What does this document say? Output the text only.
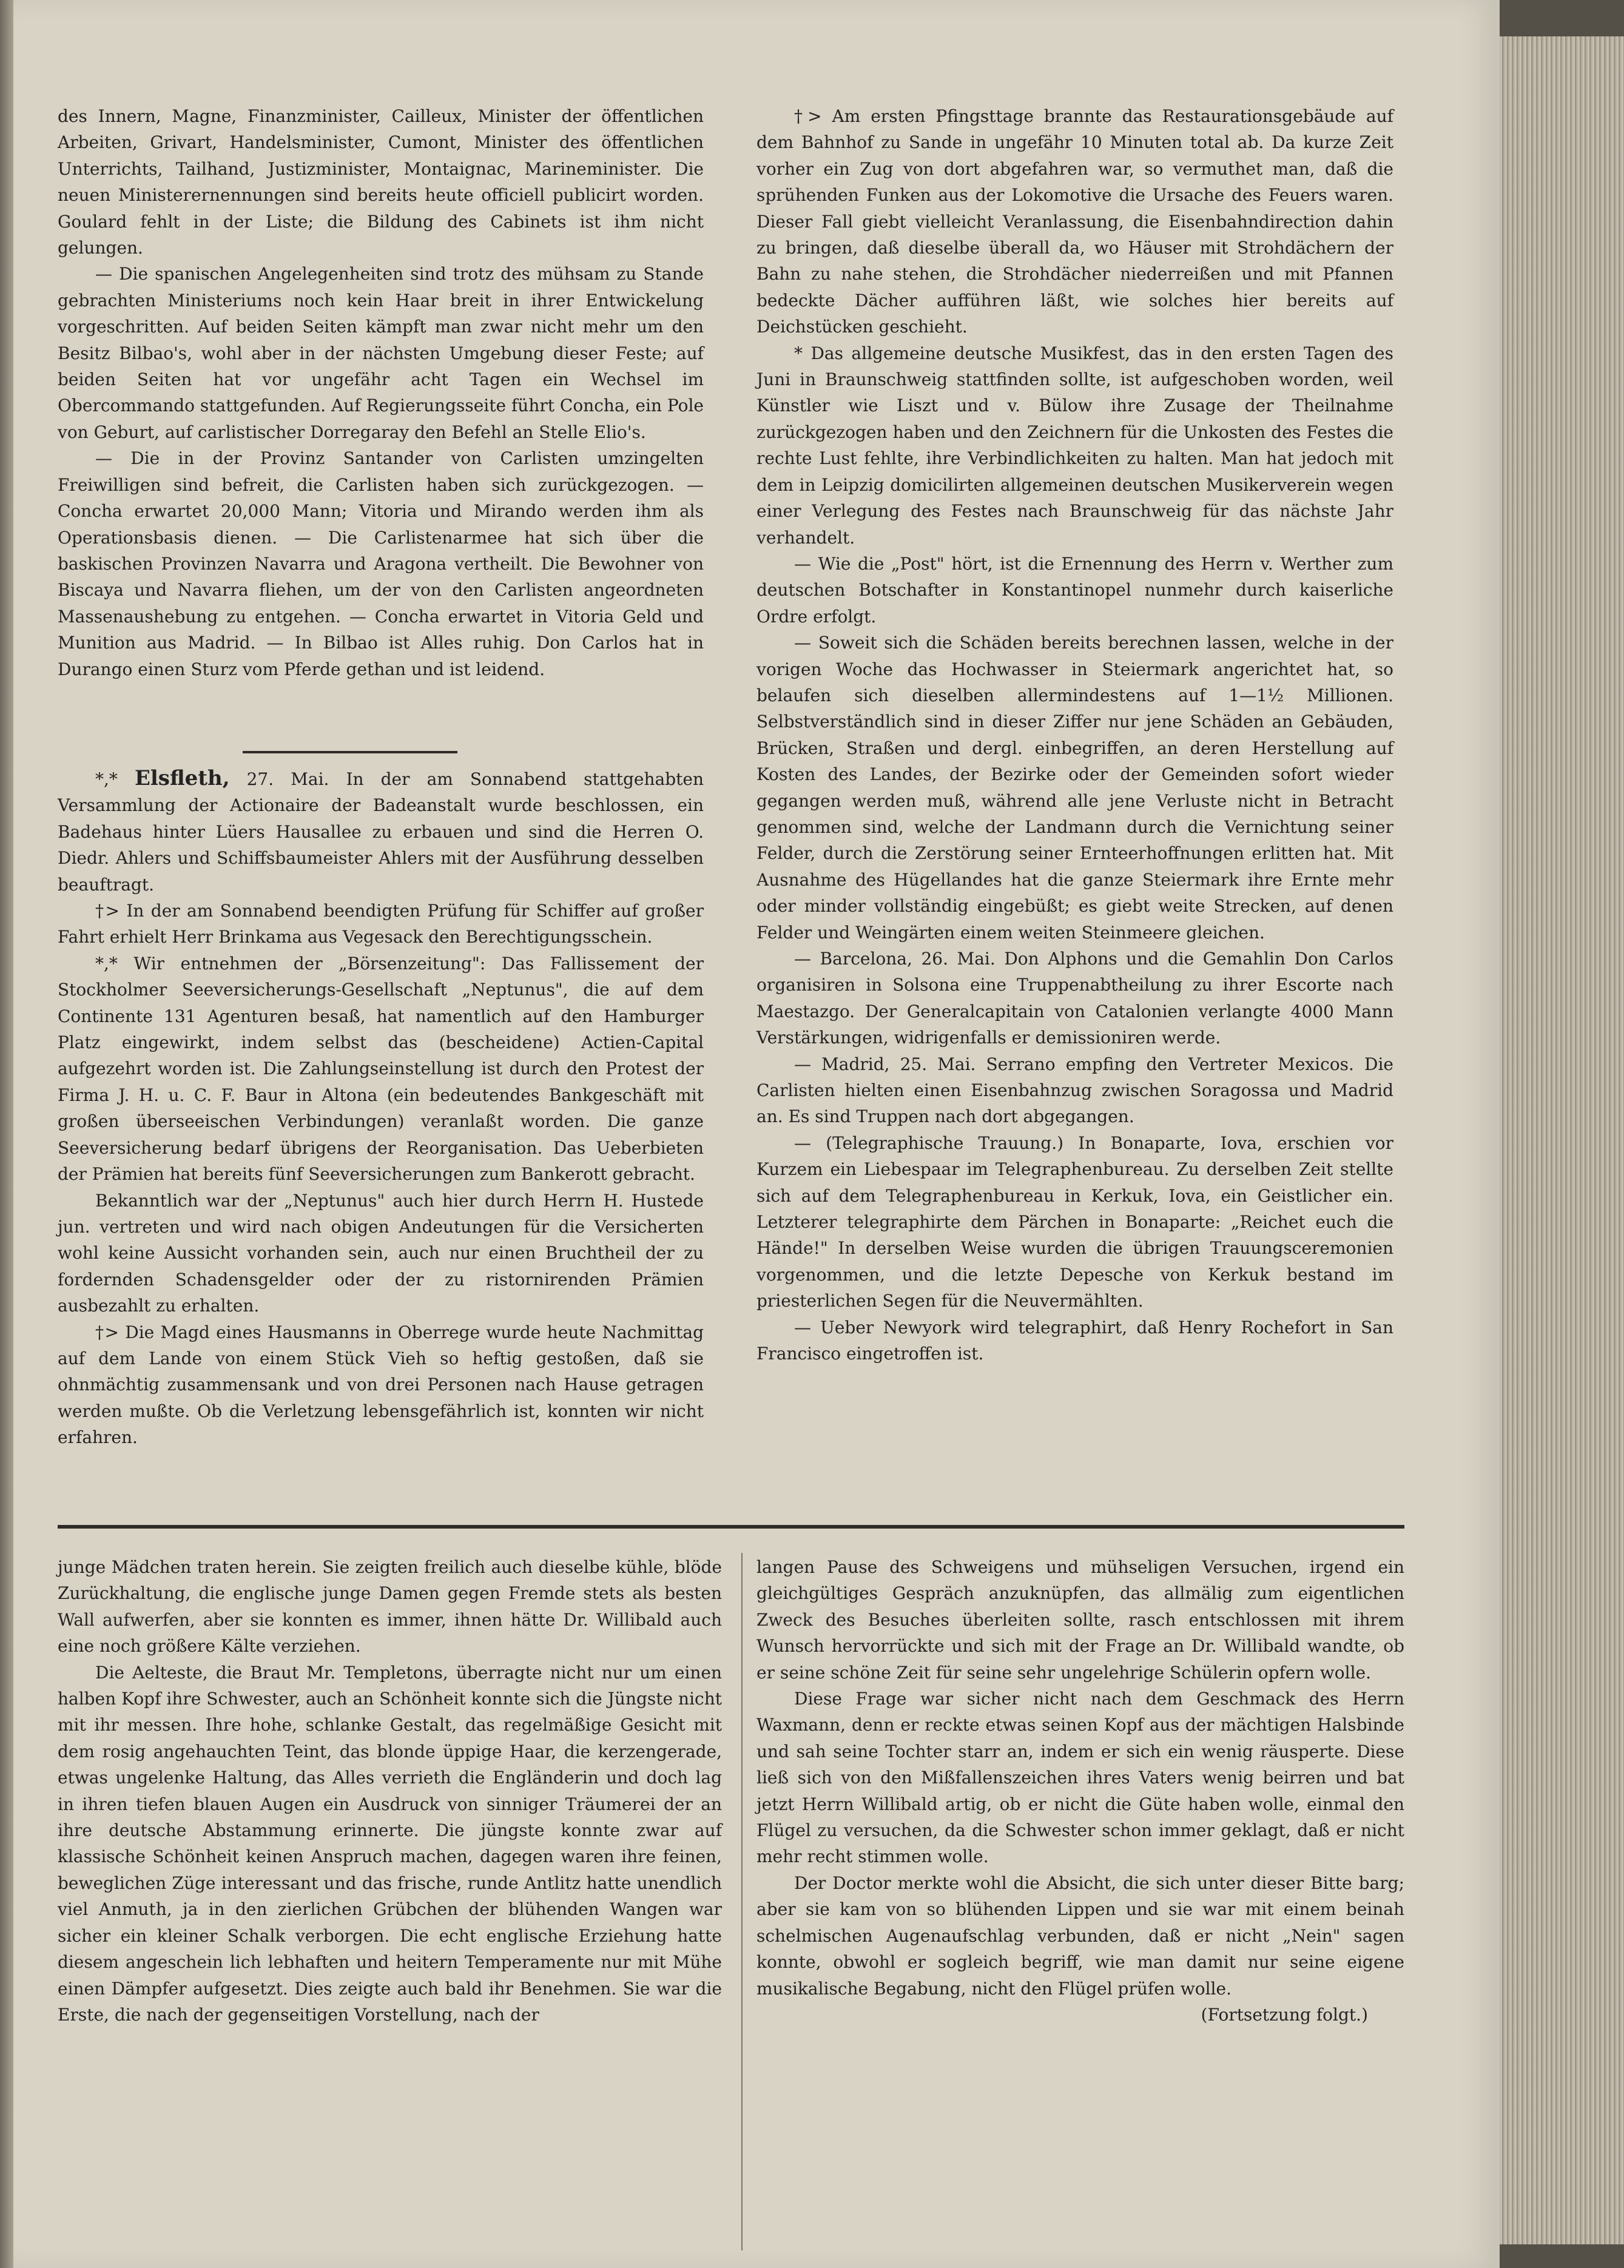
des Innern, Magne, Finanzminister, Cailleux, Minister der öffentlichen Arbeiten, Grivart, Handelsminister, Cumont, Minister des öffentlichen Unterrichts, Tailhand, Justizminister, Montaignac, Marineminister. Die neuen Ministerernennungen sind bereits heute officiell publicirt worden. Goulard fehlt in der Liste; die Bildung des Cabinets ist ihm nicht gelungen.

— Die spanischen Angelegenheiten sind trotz des mühsam zu Stande gebrachten Ministeriums noch kein Haar breit in ihrer Entwickelung vorgeschritten. Auf beiden Seiten kämpft man zwar nicht mehr um den Besitz Bilbao's, wohl aber in der nächsten Umgebung dieser Feste; auf beiden Seiten hat vor ungefähr acht Tagen ein Wechsel im Obercommando stattgefunden. Auf Regierungsseite führt Concha, ein Pole von Geburt, auf carlistischer Dorregaray den Befehl an Stelle Elio's.

— Die in der Provinz Santander von Carlisten umzingelten Freiwilligen sind befreit, die Carlisten haben sich zurückgezogen. — Concha erwartet 20,000 Mann; Vitoria und Mirando werden ihm als Operationsbasis dienen. — Die Carlistenarmee hat sich über die baskischen Provinzen Navarra und Aragona vertheilt. Die Bewohner von Biscaya und Navarra fliehen, um der von den Carlisten angeordneten Massenaushebung zu entgehen. — Concha erwartet in Vitoria Geld und Munition aus Madrid. — In Bilbao ist Alles ruhig. Don Carlos hat in Durango einen Sturz vom Pferde gethan und ist leidend.

*,* Elsfleth, 27. Mai. In der am Sonnabend stattgehabten Versammlung der Actionaire der Badeanstalt wurde beschlossen, ein Badehaus hinter Lüers Hausallee zu erbauen und sind die Herren O. Diedr. Ahlers und Schiffsbaumeister Ahlers mit der Ausführung desselben beauftragt.

†> In der am Sonnabend beendigten Prüfung für Schiffer auf großer Fahrt erhielt Herr Brinkama aus Vegesack den Berechtigungsschein.

*,* Wir entnehmen der „Börsenzeitung": Das Fallissement der Stockholmer Seeversicherungs-Gesellschaft „Neptunus", die auf dem Continente 131 Agenturen besaß, hat namentlich auf den Hamburger Platz eingewirkt, indem selbst das (bescheidene) Actien-Capital aufgezehrt worden ist. Die Zahlungseinstellung ist durch den Protest der Firma J. H. u. C. F. Baur in Altona (ein bedeutendes Bankgeschäft mit großen überseeischen Verbindungen) veranlaßt worden. Die ganze Seeversicherung bedarf übrigens der Reorganisation. Das Ueberbieten der Prämien hat bereits fünf Seeversicherungen zum Bankerott gebracht.

Bekanntlich war der „Neptunus" auch hier durch Herrn H. Hustede jun. vertreten und wird nach obigen Andeutungen für die Versicherten wohl keine Aussicht vorhanden sein, auch nur einen Bruchtheil der zu fordernden Schadensgelder oder der zu ristornirenden Prämien ausbezahlt zu erhalten.

†> Die Magd eines Hausmanns in Oberrege wurde heute Nachmittag auf dem Lande von einem Stück Vieh so heftig gestoßen, daß sie ohnmächtig zusammensank und von drei Personen nach Hause getragen werden mußte. Ob die Verletzung lebensgefährlich ist, konnten wir nicht erfahren.

†> Am ersten Pfingsttage brannte das Restaurationsgebäude auf dem Bahnhof zu Sande in ungefähr 10 Minuten total ab. Da kurze Zeit vorher ein Zug von dort abgefahren war, so vermuthet man, daß die sprühenden Funken aus der Lokomotive die Ursache des Feuers waren. Dieser Fall giebt vielleicht Veranlassung, die Eisenbahndirection dahin zu bringen, daß dieselbe überall da, wo Häuser mit Strohdächern der Bahn zu nahe stehen, die Strohdächer niederreißen und mit Pfannen bedeckte Dächer aufführen läßt, wie solches hier bereits auf Deichstücken geschieht.

* Das allgemeine deutsche Musikfest, das in den ersten Tagen des Juni in Braunschweig stattfinden sollte, ist aufgeschoben worden, weil Künstler wie Liszt und v. Bülow ihre Zusage der Theilnahme zurückgezogen haben und den Zeichnern für die Unkosten des Festes die rechte Lust fehlte, ihre Verbindlichkeiten zu halten. Man hat jedoch mit dem in Leipzig domicilirten allgemeinen deutschen Musikerverein wegen einer Verlegung des Festes nach Braunschweig für das nächste Jahr verhandelt.

— Wie die „Post" hört, ist die Ernennung des Herrn v. Werther zum deutschen Botschafter in Konstantinopel nunmehr durch kaiserliche Ordre erfolgt.

— Soweit sich die Schäden bereits berechnen lassen, welche in der vorigen Woche das Hochwasser in Steiermark angerichtet hat, so belaufen sich dieselben allermindestens auf 1—1½ Millionen. Selbstverständlich sind in dieser Ziffer nur jene Schäden an Gebäuden, Brücken, Straßen und dergl. einbegriffen, an deren Herstellung auf Kosten des Landes, der Bezirke oder der Gemeinden sofort wieder gegangen werden muß, während alle jene Verluste nicht in Betracht genommen sind, welche der Landmann durch die Vernichtung seiner Felder, durch die Zerstörung seiner Ernteerhoffnungen erlitten hat. Mit Ausnahme des Hügellandes hat die ganze Steiermark ihre Ernte mehr oder minder vollständig eingebüßt; es giebt weite Strecken, auf denen Felder und Weingärten einem weiten Steinmeere gleichen.

— Barcelona, 26. Mai. Don Alphons und die Gemahlin Don Carlos organisiren in Solsona eine Truppenabtheilung zu ihrer Escorte nach Maestazgo. Der Generalcapitain von Catalonien verlangte 4000 Mann Verstärkungen, widrigenfalls er demissioniren werde.

— Madrid, 25. Mai. Serrano empfing den Vertreter Mexicos. Die Carlisten hielten einen Eisenbahnzug zwischen Soragossa und Madrid an. Es sind Truppen nach dort abgegangen.

— (Telegraphische Trauung.) In Bonaparte, Iova, erschien vor Kurzem ein Liebespaar im Telegraphenbureau. Zu derselben Zeit stellte sich auf dem Telegraphenbureau in Kerkuk, Iova, ein Geistlicher ein. Letzterer telegraphirte dem Pärchen in Bonaparte: „Reichet euch die Hände!" In derselben Weise wurden die übrigen Trauungsceremonien vorgenommen, und die letzte Depesche von Kerkuk bestand im priesterlichen Segen für die Neuvermählten.

— Ueber Newyork wird telegraphirt, daß Henry Rochefort in San Francisco eingetroffen ist.

junge Mädchen traten herein. Sie zeigten freilich auch dieselbe kühle, blöde Zurückhaltung, die englische junge Damen gegen Fremde stets als besten Wall aufwerfen, aber sie konnten es immer, ihnen hätte Dr. Willibald auch eine noch größere Kälte verziehen.

Die Aelteste, die Braut Mr. Templetons, überragte nicht nur um einen halben Kopf ihre Schwester, auch an Schönheit konnte sich die Jüngste nicht mit ihr messen. Ihre hohe, schlanke Gestalt, das regelmäßige Gesicht mit dem rosig angehauchten Teint, das blonde üppige Haar, die kerzengerade, etwas ungelenke Haltung, das Alles verrieth die Engländerin und doch lag in ihren tiefen blauen Augen ein Ausdruck von sinniger Träumerei der an ihre deutsche Abstammung erinnerte. Die jüngste konnte zwar auf klassische Schönheit keinen Anspruch machen, dagegen waren ihre feinen, beweglichen Züge interessant und das frische, runde Antlitz hatte unendlich viel Anmuth, ja in den zierlichen Grübchen der blühenden Wangen war sicher ein kleiner Schalk verborgen. Die echt englische Erziehung hatte diesem angeschein lich lebhaften und heitern Temperamente nur mit Mühe einen Dämpfer aufgesetzt. Dies zeigte auch bald ihr Benehmen. Sie war die Erste, die nach der gegenseitigen Vorstellung, nach der

langen Pause des Schweigens und mühseligen Versuchen, irgend ein gleichgültiges Gespräch anzuknüpfen, das allmälig zum eigentlichen Zweck des Besuches überleiten sollte, rasch entschlossen mit ihrem Wunsch hervorrückte und sich mit der Frage an Dr. Willibald wandte, ob er seine schöne Zeit für seine sehr ungelehrige Schülerin opfern wolle.

Diese Frage war sicher nicht nach dem Geschmack des Herrn Waxmann, denn er reckte etwas seinen Kopf aus der mächtigen Halsbinde und sah seine Tochter starr an, indem er sich ein wenig räusperte. Diese ließ sich von den Mißfallenszeichen ihres Vaters wenig beirren und bat jetzt Herrn Willibald artig, ob er nicht die Güte haben wolle, einmal den Flügel zu versuchen, da die Schwester schon immer geklagt, daß er nicht mehr recht stimmen wolle.

Der Doctor merkte wohl die Absicht, die sich unter dieser Bitte barg; aber sie kam von so blühenden Lippen und sie war mit einem beinah schelmischen Augenaufschlag verbunden, daß er nicht „Nein" sagen konnte, obwohl er sogleich begriff, wie man damit nur seine eigene musikalische Begabung, nicht den Flügel prüfen wolle.

(Fortsetzung folgt.)
